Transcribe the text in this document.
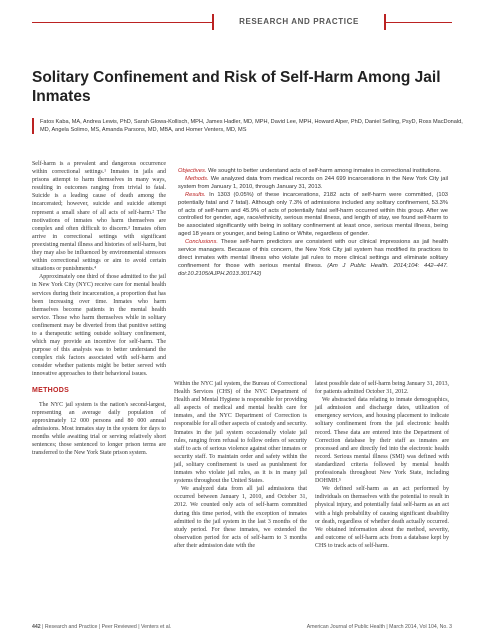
RESEARCH AND PRACTICE
Solitary Confinement and Risk of Self-Harm Among Jail Inmates
Fatos Kaba, MA, Andrea Lewis, PhD, Sarah Glowa-Kollisch, MPH, James Hadler, MD, MPH, David Lee, MPH, Howard Alper, PhD, Daniel Selling, PsyD, Ross MacDonald, MD, Angela Solimo, MS, Amanda Parsons, MD, MBA, and Homer Venters, MD, MS

Self-harm is a prevalent and dangerous occurrence within correctional settings.¹ Inmates in jails and prisons attempt to harm themselves in many ways, resulting in outcomes ranging from trivial to fatal. Suicide is a leading cause of death among the incarcerated; however, suicide and suicide attempt represent a small share of all acts of self-harm.² The motivations of inmates who harm themselves are complex and often difficult to discern.³ Inmates often arrive in correctional settings with significant preexisting mental illness and histories of self-harm, but they may also be influenced by environmental stressors within correctional settings or aim to avoid certain situations or punishments.⁴

Approximately one third of those admitted to the jail in New York City (NYC) receive care for mental health services during their incarceration, a proportion that has been increasing over time. Inmates who harm themselves become patients in the mental health service. Those who harm themselves while in solitary confinement may be diverted from that punitive setting to a therapeutic setting outside solitary confinement, which may provide an incentive for self-harm. The purpose of this analysis was to better understand the complex risk factors associated with self-harm and consider whether patients might be better served with innovative approaches to their behavioral issues.

METHODS

The NYC jail system is the nation's second-largest, representing an average daily population of approximately 12 000 persons and 80 000 annual admissions. Most inmates stay in the system for days to months while awaiting trial or serving relatively short sentences; those sentenced to longer prison terms are transferred to the New York State prison system.

Objectives. We sought to better understand acts of self-harm among inmates in correctional institutions.

Methods. We analyzed data from medical records on 244 699 incarcerations in the New York City jail system from January 1, 2010, through January 31, 2013.

Results. In 1303 (0.05%) of these incarcerations, 2182 acts of self-harm were committed, (103 potentially fatal and 7 fatal). Although only 7.3% of admissions included any solitary confinement, 53.3% of acts of self-harm and 45.9% of acts of potentially fatal self-harm occurred within this group. After we controlled for gender, age, race/ethnicity, serious mental illness, and length of stay, we found self-harm to be associated significantly with being in solitary confinement at least once, serious mental illness, being aged 18 years or younger, and being Latino or White, regardless of gender.

Conclusions. These self-harm predictors are consistent with our clinical impressions as jail health service managers. Because of this concern, the New York City jail system has modified its practices to direct inmates with mental illness who violate jail rules to more clinical settings and eliminate solitary confinement for those with serious mental illness. (Am J Public Health. 2014;104: 442–447. doi:10.2105/AJPH.2013.301742)

Within the NYC jail system, the Bureau of Correctional Health Services (CHS) of the NYC Department of Health and Mental Hygiene is responsible for providing all aspects of medical and mental health care for inmates, and the NYC Department of Correction is responsible for all other aspects of custody and security. Inmates in the jail system occasionally violate jail rules, ranging from refusal to follow orders of security staff to acts of serious violence against other inmates or security staff. To maintain order and safety within the jail, solitary confinement is used as punishment for inmates who violate jail rules, as it is in many jail systems throughout the United States.

We analyzed data from all jail admissions that occurred between January 1, 2010, and October 31, 2012. We counted only acts of self-harm committed during this time period, with the exception of inmates admitted to the jail system in the last 3 months of the study period. For these inmates, we extended the observation period for acts of self-harm to 3 months after their admission date with the

latest possible date of self-harm being January 31, 2013, for patients admitted October 31, 2012.

We abstracted data relating to inmate demographics, jail admission and discharge dates, utilization of emergency services, and housing placement to indicate solitary confinement from the jail electronic health record. These data are entered into the Department of Correction database by their staff as inmates are processed and are directly fed into the electronic health record. Serious mental illness (SMI) was defined with standardized criteria followed by mental health professionals throughout New York State, including DOHMH.⁵

We defined self-harm as an act performed by individuals on themselves with the potential to result in physical injury, and potentially fatal self-harm as an act with a high probability of causing significant disability or death, regardless of whether death actually occurred. We obtained information about the method, severity, and outcome of self-harm acts from a database kept by CHS to track acts of self-harm.

442 | Research and Practice | Peer Reviewed | Venters et al.	American Journal of Public Health | March 2014, Vol 104, No. 3
